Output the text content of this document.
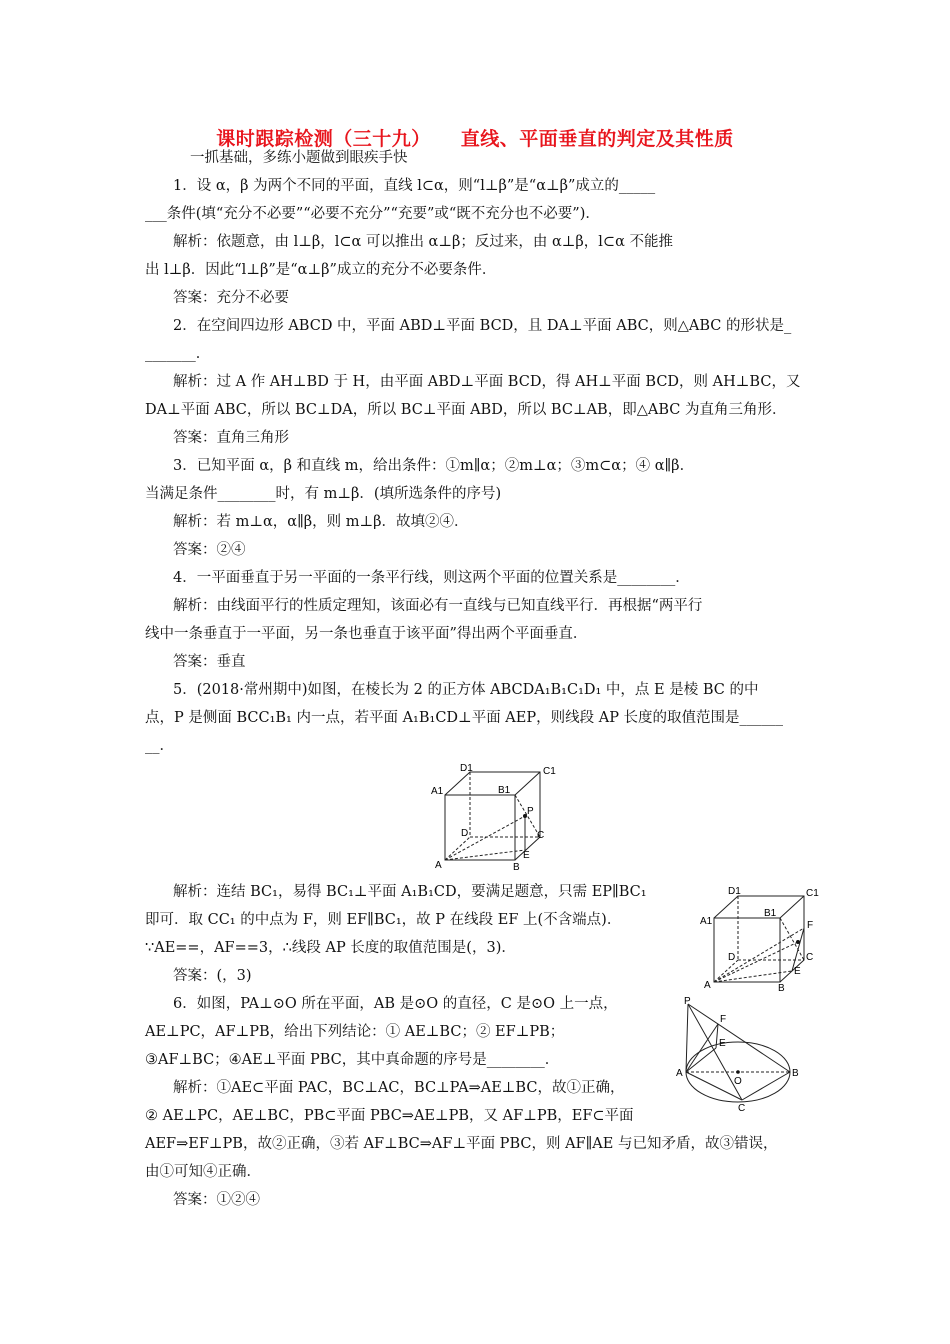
课时跟踪检测（三十九） 直线、平面垂直的判定及其性质
一抓基础，多练小题做到眼疾手快
1．设 α，β 为两个不同的平面，直线 l⊂α，则“l⊥β”是“α⊥β”成立的_____
___条件(填“充分不必要”“必要不充分”“充要”或“既不充分也不必要”)．
解析：依题意，由 l⊥β，l⊂α 可以推出 α⊥β；反过来，由 α⊥β，l⊂α 不能推
出 l⊥β．因此“l⊥β”是“α⊥β”成立的充分不必要条件．
答案：充分不必要
2．在空间四边形 ABCD 中，平面 ABD⊥平面 BCD，且 DA⊥平面 ABC，则△ABC 的形状是_
_______．
解析：过 A 作 AH⊥BD 于 H，由平面 ABD⊥平面 BCD，得 AH⊥平面 BCD，则 AH⊥BC，又
DA⊥平面 ABC，所以 BC⊥DA，所以 BC⊥平面 ABD，所以 BC⊥AB，即△ABC 为直角三角形．
答案：直角三角形
3．已知平面 α，β 和直线 m，给出条件：①m∥α；②m⊥α；③m⊂α；④ α∥β．
当满足条件________时，有 m⊥β．(填所选条件的序号)
解析：若 m⊥α，α∥β，则 m⊥β．故填②④．
答案：②④
4．一平面垂直于另一平面的一条平行线，则这两个平面的位置关系是________．
解析：由线面平行的性质定理知，该面必有一直线与已知直线平行．再根据“两平行
线中一条垂直于一平面，另一条也垂直于该平面”得出两个平面垂直．
答案：垂直
5．(2018·常州期中)如图，在棱长为 2 的正方体 ABCDA₁B₁C₁D₁ 中，点 E 是棱 BC 的中
点，P 是侧面 BCC₁B₁ 内一点，若平面 A₁B₁CD⊥平面 AEP，则线段 AP 长度的取值范围是______
__．
D1	C1
A1	B1
P
D	C
A
E
B
解析：连结 BC₁，易得 BC₁⊥平面 A₁B₁CD，要满足题意，只需 EP∥BC₁
即可．取 CC₁ 的中点为 F，则 EF∥BC₁，故 P 在线段 EF 上(不含端点)．
∵AE==，AF==3，∴线段 AP 长度的取值范围是(，3)．
答案：(，3)
D1	C1
A1
B1
F
D	C
A
E
B
6．如图，PA⊥⊙O 所在平面，AB 是⊙O 的直径，C 是⊙O 上一点，
AE⊥PC，AF⊥PB，给出下列结论：① AE⊥BC；② EF⊥PB；
③AF⊥BC；④AE⊥平面 PBC，其中真命题的序号是________．
解析：①AE⊂平面 PAC，BC⊥AC，BC⊥PA⇒AE⊥BC，故①正确，
② AE⊥PC，AE⊥BC，PB⊂平面 PBC⇒AE⊥PB，又 AF⊥PB，EF⊂平面
AEF⇒EF⊥PB，故②正确，③若 AF⊥BC⇒AF⊥平面 PBC，则 AF∥AE 与已知矛盾，故③错误，
由①可知④正确．
答案：①②④
P
F
E
A
O
B
C
